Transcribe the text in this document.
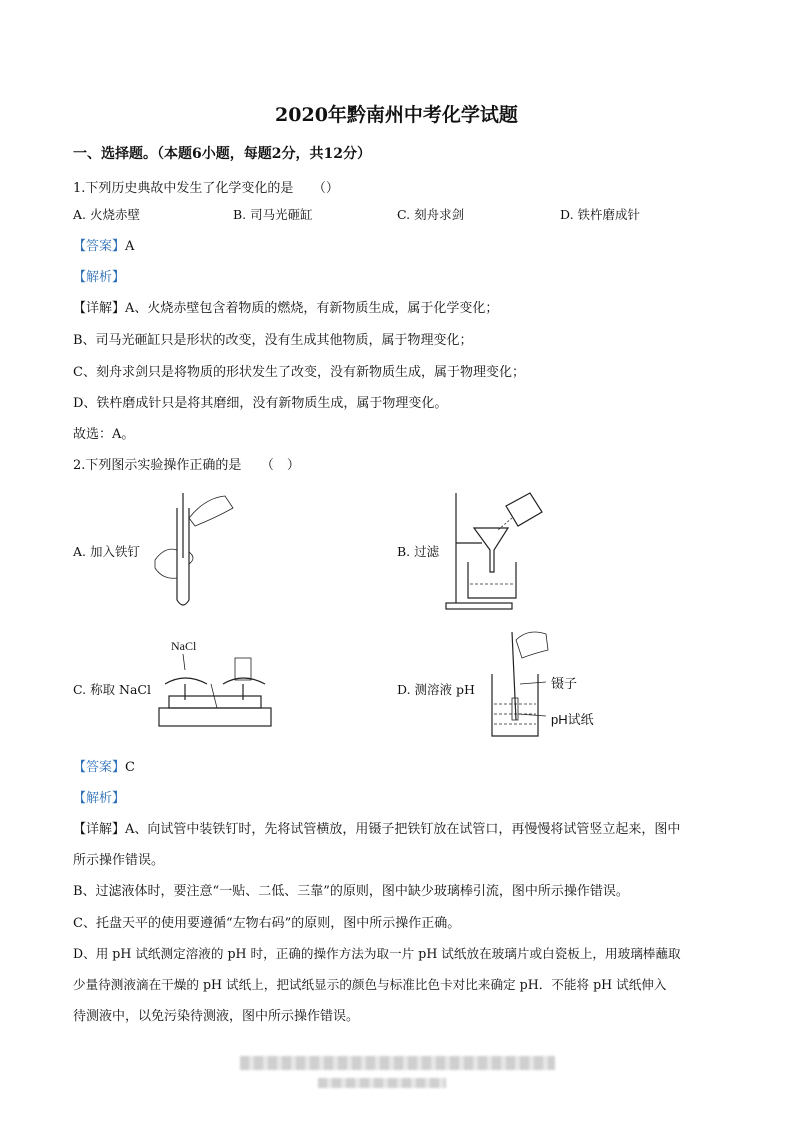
2020年黔南州中考化学试题
一、选择题。（本题6小题，每题2分，共12分）
1.下列历史典故中发生了化学变化的是　　（）
A. 火烧赤壁	B. 司马光砸缸	C. 刻舟求剑	D. 铁杵磨成针
【答案】A
【解析】
【详解】A、火烧赤壁包含着物质的燃烧，有新物质生成，属于化学变化；
B、司马光砸缸只是形状的改变，没有生成其他物质，属于物理变化；
C、刻舟求剑只是将物质的形状发生了改变，没有新物质生成，属于物理变化；
D、铁杵磨成针只是将其磨细，没有新物质生成，属于物理变化。
故选：A。
2.下列图示实验操作正确的是　　（　）
A. 加入铁钉	B. 过滤
C. 称取 NaCl
NaCl
D. 测溶液 pH	镊子
pH试纸
【答案】C
【解析】
【详解】A、向试管中装铁钉时，先将试管横放，用镊子把铁钉放在试管口，再慢慢将试管竖立起来，图中
所示操作错误。
B、过滤液体时，要注意“一贴、二低、三靠”的原则，图中缺少玻璃棒引流，图中所示操作错误。
C、托盘天平的使用要遵循“左物右码”的原则，图中所示操作正确。
D、用 pH 试纸测定溶液的 pH 时，正确的操作方法为取一片 pH 试纸放在玻璃片或白瓷板上，用玻璃棒蘸取
少量待测液滴在干燥的 pH 试纸上，把试纸显示的颜色与标准比色卡对比来确定 pH．不能将 pH 试纸伸入
待测液中，以免污染待测液，图中所示操作错误。
